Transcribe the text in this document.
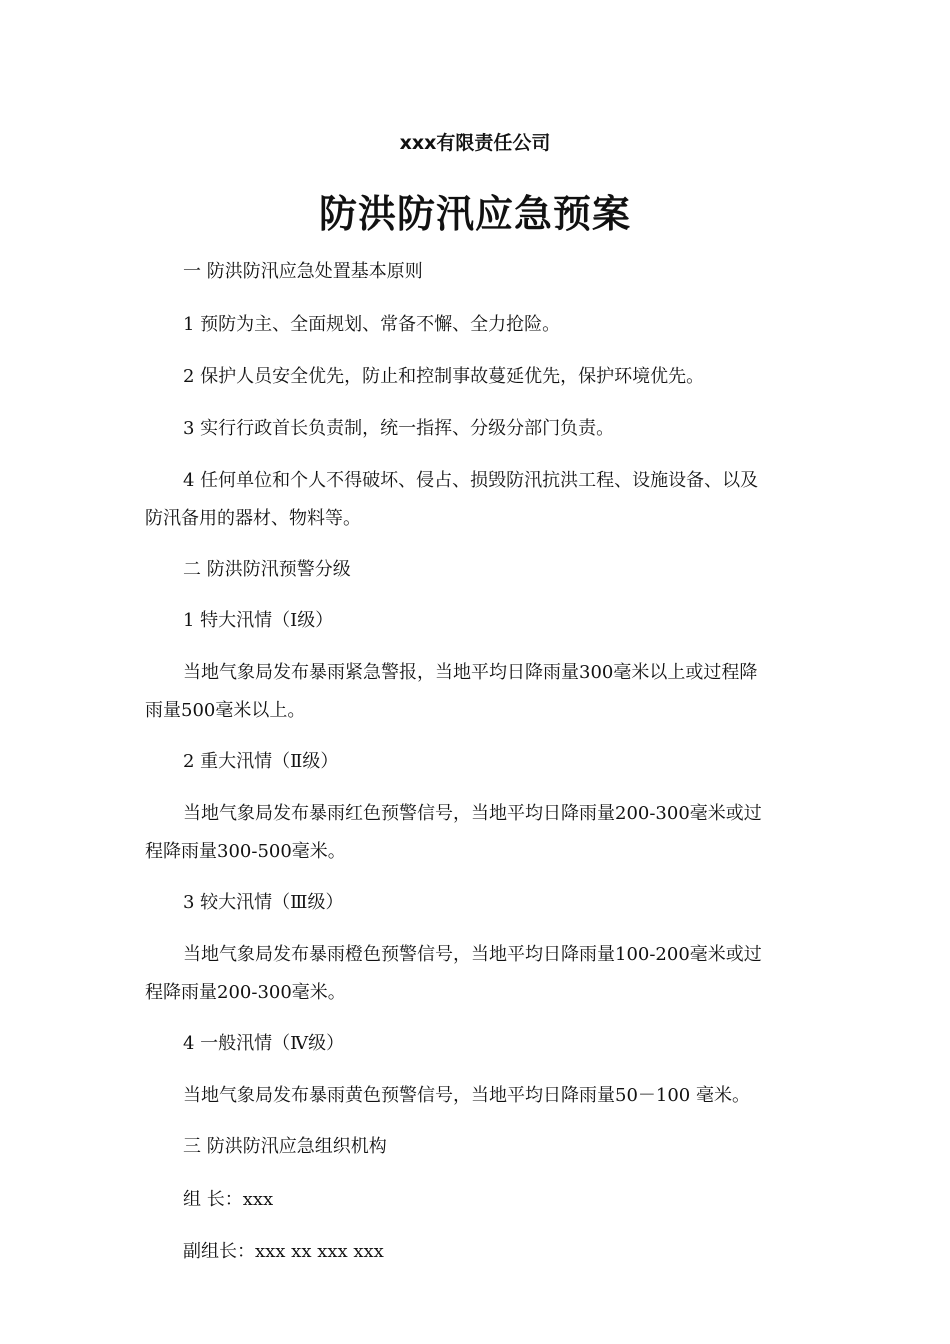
xxx有限责任公司
防洪防汛应急预案
一 防洪防汛应急处置基本原则
1 预防为主、全面规划、常备不懈、全力抢险。
2 保护人员安全优先，防止和控制事故蔓延优先，保护环境优先。
3 实行行政首长负责制，统一指挥、分级分部门负责。
4 任何单位和个人不得破坏、侵占、损毁防汛抗洪工程、设施设备、以及
防汛备用的器材、物料等。
二 防洪防汛预警分级
1 特大汛情（Ⅰ级）
当地气象局发布暴雨紧急警报，当地平均日降雨量300毫米以上或过程降
雨量500毫米以上。
2 重大汛情（Ⅱ级）
当地气象局发布暴雨红色预警信号，当地平均日降雨量200-300毫米或过
程降雨量300-500毫米。
3 较大汛情（Ⅲ级）
当地气象局发布暴雨橙色预警信号，当地平均日降雨量100-200毫米或过
程降雨量200-300毫米。
4 一般汛情（Ⅳ级）
当地气象局发布暴雨黄色预警信号，当地平均日降雨量50－100 毫米。
三 防洪防汛应急组织机构
组 长：xxx
副组长：xxx xx xxx xxx
